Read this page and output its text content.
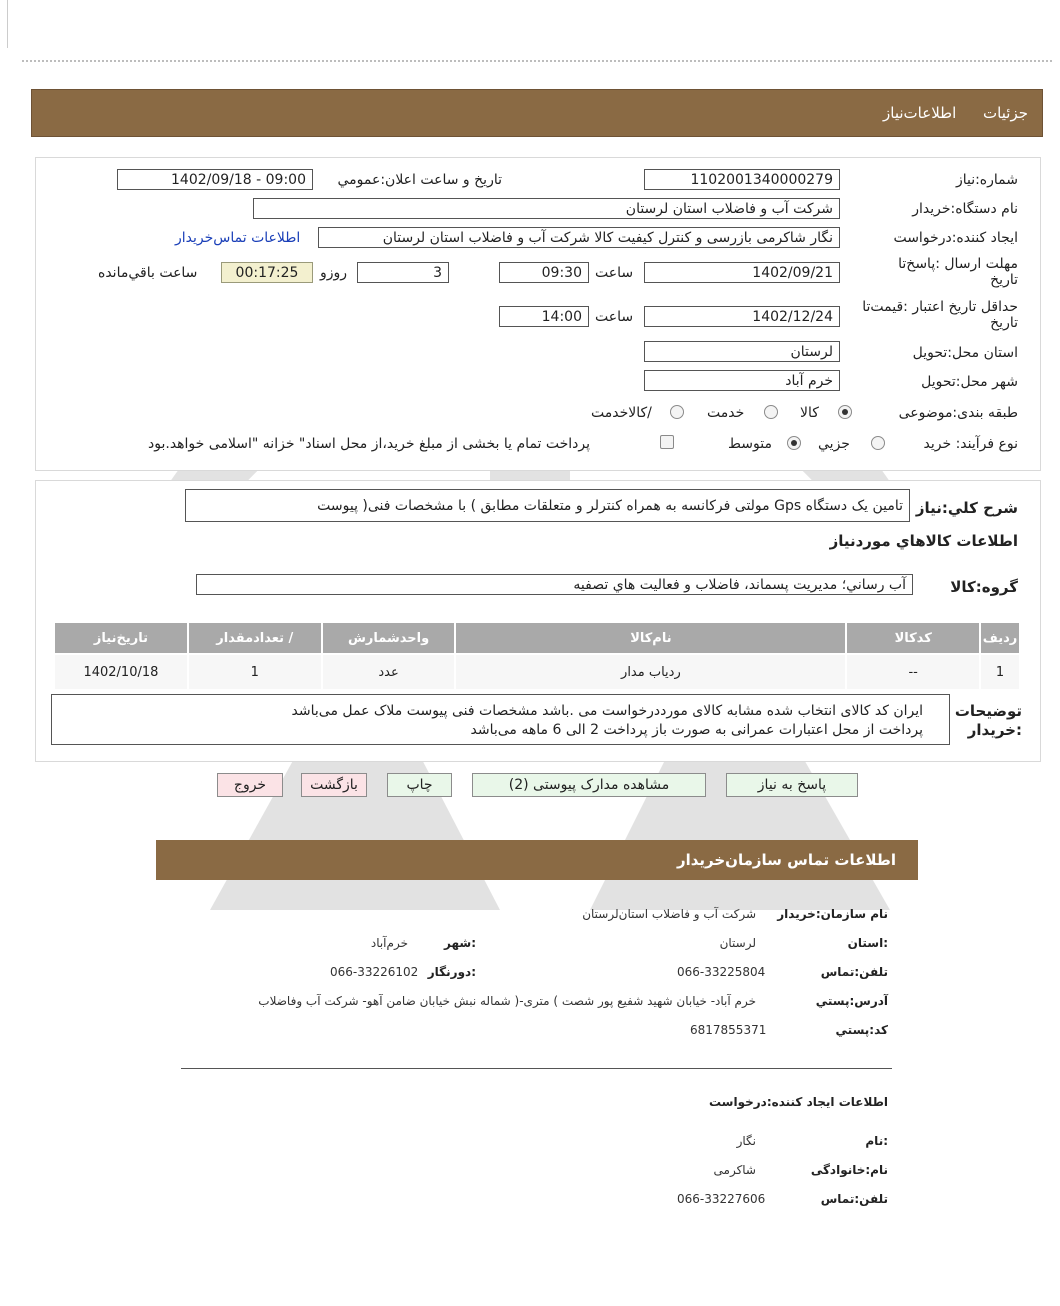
جزئیات اطلاعات‌نیاز
شماره:نیاز
1102001340000279
تاریخ و ساعت اعلان:عمومي
1402/09/18 - 09:00
نام دستگاه:خریدار
شرکت آب و فاضلاب استان لرستان
ایجاد کننده:درخواست
نگار شاکرمی بازرسی و کنترل کیفیت کالا شرکت آب و فاضلاب استان لرستان
اطلاعات تماس‌خریدار
مهلت ارسال :پاسخ‌تا تاریخ
1402/09/21
ساعت
09:30
3
روزو
00:17:25
ساعت باقي‌مانده
حداقل تاریخ اعتبار :قیمت‌تا تاریخ
1402/12/24
ساعت
14:00
استان محل:تحویل
لرستان
شهر محل:تحویل
خرم آباد
طبقه بندی:موضوعی
کالا
خدمت
/کالاخدمت
نوع فرآیند: خرید
جزيي
متوسط
پرداخت تمام یا بخشی از مبلغ خرید،از محل اسناد" خزانه "اسلامی خواهد.بود
شرح کلي:نیاز
تامین یک دستگاه Gps مولتی فرکانسه به همراه کنترلر و متعلقات مطابق ) با مشخصات فنی( پیوست
اطلاعات کالاهاي موردنیاز
گروه:کالا
آب رساني؛ مديريت پسماند، فاضلاب و فعالیت هاي تصفیه
رديف	کدکالا	نام‌کالا	واحدشمارش	/ تعدادمقدار	تاریخ‌نیاز
1	--	ردیاب مدار	عدد	1	1402/10/18
توضیحات :خریدار
ایران کد کالای انتخاب شده مشابه کالای مورددرخواست می .باشد مشخصات فنی پیوست ملاک عمل می‌باشد
پرداخت از محل اعتبارات عمرانی به صورت باز پرداخت 2 الی 6 ماهه می‌باشد
پاسخ به نیاز
مشاهده مدارک پیوستی (2)
چاپ
بازگشت
خروج
اطلاعات تماس سازمان‌خریدار
نام سازمان:خریدار
شرکت آب و فاضلاب استان‌لرستان
:استان
لرستان
:شهر
خرم‌آباد
تلفن:تماس
066-33225804
:دورنگار
066-33226102
آدرس:پستي
خرم آباد- خیابان شهید شفیع پور شصت ) متری-( شماله نبش خیابان ضامن آهو- شرکت آب وفاضلاب
کد:پستي
6817855371
اطلاعات ایجاد کننده:درخواست
:نام
نگار
نام:خانوادگی
شاکرمی
تلفن:تماس
066-33227606
